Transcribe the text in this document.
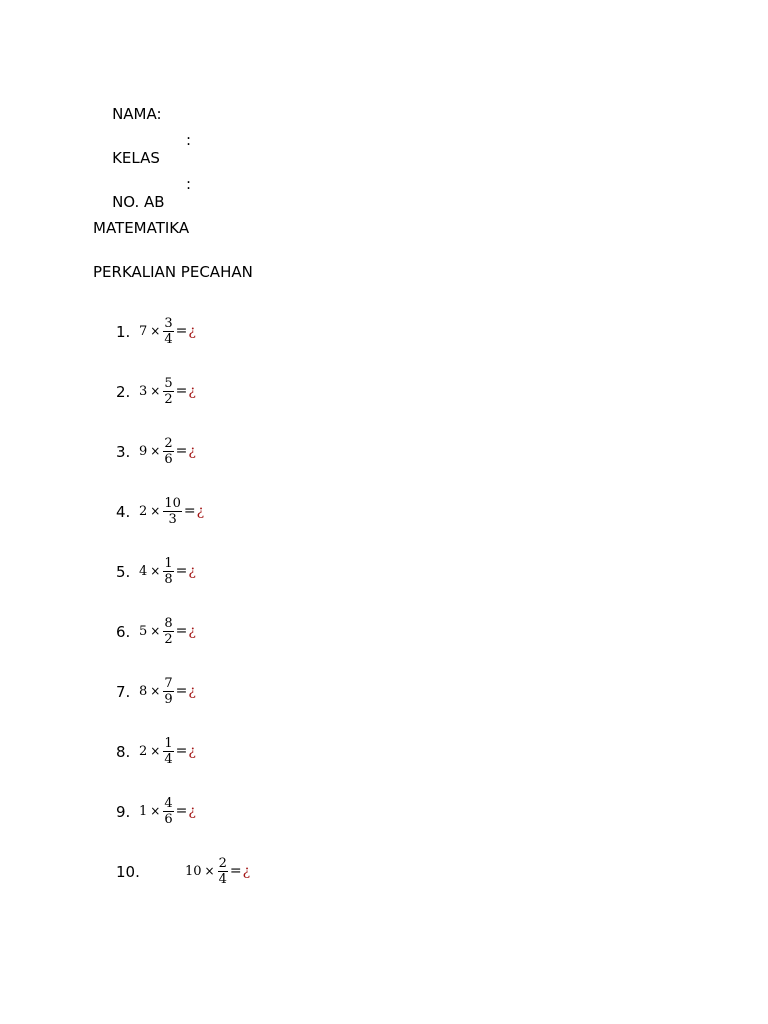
NAMA:

KELAS

:

NO. AB

:

MATEMATIKA
PERKALIAN PECAHAN
1. $7 \times \frac{3}{4}$ = ¿
2. $3 \times \frac{5}{2}$ = ¿
3. $9 \times \frac{2}{6}$ = ¿
4. $2 \times \frac{10}{3}$ = ¿
5. $4 \times \frac{1}{8}$ = ¿
6. $5 \times \frac{8}{2}$ = ¿
7. $8 \times \frac{7}{9}$ = ¿
8. $2 \times \frac{1}{4}$ = ¿
9. $1 \times \frac{4}{6}$ = ¿
10.	$10 \times \frac{2}{4}$ = ¿
